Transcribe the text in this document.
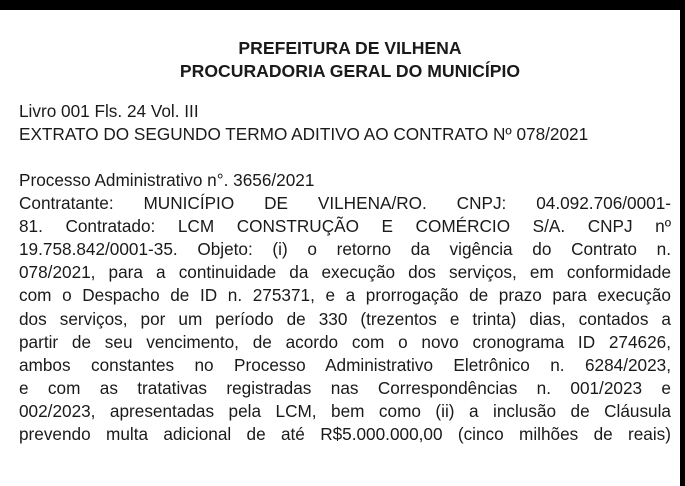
PREFEITURA DE VILHENA
PROCURADORIA GERAL DO MUNICÍPIO
Livro 001 Fls. 24 Vol. III
EXTRATO DO SEGUNDO TERMO ADITIVO AO CONTRATO Nº 078/2021
Processo Administrativo n°. 3656/2021
Contratante: MUNICÍPIO DE VILHENA/RO. CNPJ: 04.092.706/0001-
81. Contratado: LCM CONSTRUÇÃO E COMÉRCIO S/A. CNPJ nº
19.758.842/0001-35. Objeto: (i) o retorno da vigência do Contrato n.
078/2021, para a continuidade da execução dos serviços, em conformidade
com o Despacho de ID n. 275371, e a prorrogação de prazo para execução
dos serviços, por um período de 330 (trezentos e trinta) dias, contados a
partir de seu vencimento, de acordo com o novo cronograma ID 274626,
ambos constantes no Processo Administrativo Eletrônico n. 6284/2023,
e com as tratativas registradas nas Correspondências n. 001/2023 e
002/2023, apresentadas pela LCM, bem como (ii) a inclusão de Cláusula
prevendo multa adicional de até R$5.000.000,00 (cinco milhões de reais)
